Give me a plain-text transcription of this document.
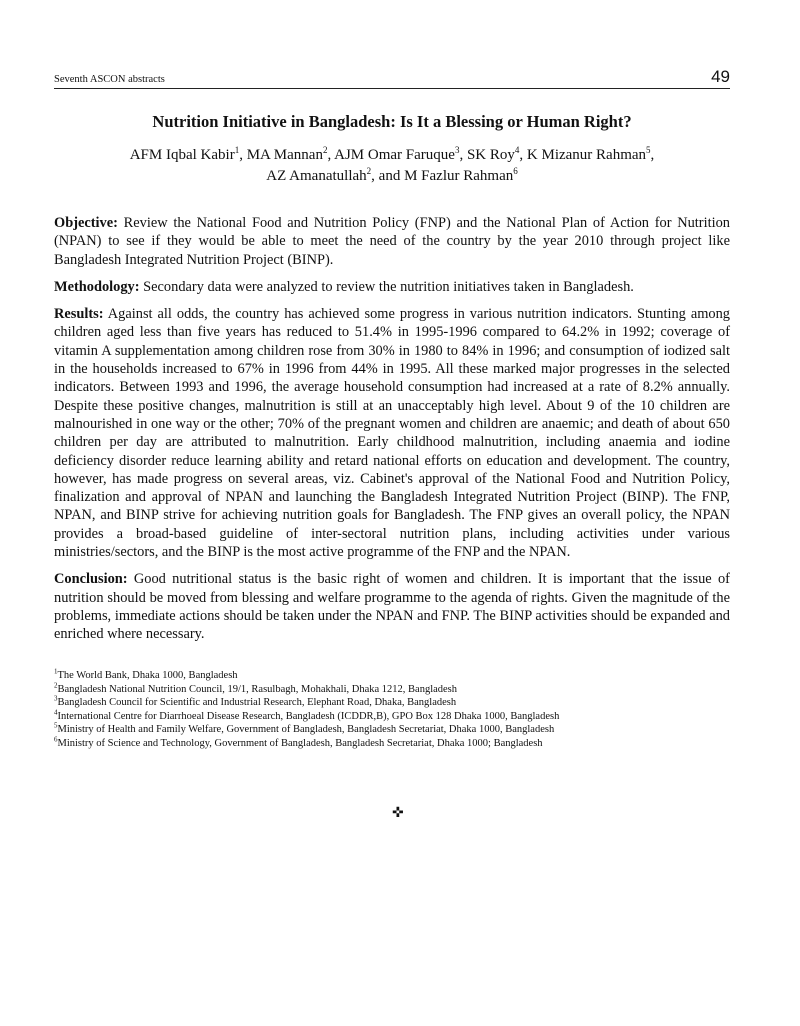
Seventh ASCON abstracts	49
Nutrition Initiative in Bangladesh: Is It a Blessing or Human Right?
AFM Iqbal Kabir$^1$, MA Mannan$^2$, AJM Omar Faruque$^3$, SK Roy$^4$, K Mizanur Rahman$^5$,
AZ Amanatullah$^2$, and M Fazlur Rahman$^6$

Objective: Review the National Food and Nutrition Policy (FNP) and the National Plan of Action for Nutrition (NPAN) to see if they would be able to meet the need of the country by the year 2010 through project like Bangladesh Integrated Nutrition Project (BINP).

Methodology: Secondary data were analyzed to review the nutrition initiatives taken in Bangladesh.

Results: Against all odds, the country has achieved some progress in various nutrition indicators. Stunting among children aged less than five years has reduced to 51.4% in 1995-1996 compared to 64.2% in 1992; coverage of vitamin A supplementation among children rose from 30% in 1980 to 84% in 1996; and consumption of iodized salt in the households increased to 67% in 1996 from 44% in 1995. All these marked major progresses in the selected indicators. Between 1993 and 1996, the average household consumption had increased at a rate of 8.2% annually. Despite these positive changes, malnutrition is still at an unacceptably high level. About 9 of the 10 children are malnourished in one way or the other; 70% of the pregnant women and children are anaemic; and death of about 650 children per day are attributed to malnutrition. Early childhood malnutrition, including anaemia and iodine deficiency disorder reduce learning ability and retard national efforts on education and development. The country, however, has made progress on several areas, viz. Cabinet's approval of the National Food and Nutrition Policy, finalization and approval of NPAN and launching the Bangladesh Integrated Nutrition Project (BINP). The FNP, NPAN, and BINP strive for achieving nutrition goals for Bangladesh. The FNP gives an overall policy, the NPAN provides a broad-based guideline of inter-sectoral nutrition plans, including activities under various ministries/sectors, and the BINP is the most active programme of the FNP and the NPAN.

Conclusion: Good nutritional status is the basic right of women and children. It is important that the issue of nutrition should be moved from blessing and welfare programme to the agenda of rights. Given the magnitude of the problems, immediate actions should be taken under the NPAN and FNP. The BINP activities should be expanded and enriched where necessary.

$^1$The World Bank, Dhaka 1000, Bangladesh
$^2$Bangladesh National Nutrition Council, 19/1, Rasulbagh, Mohakhali, Dhaka 1212, Bangladesh
$^3$Bangladesh Council for Scientific and Industrial Research, Elephant Road, Dhaka, Bangladesh
$^4$International Centre for Diarrhoeal Disease Research, Bangladesh (ICDDR,B), GPO Box 128 Dhaka 1000, Bangladesh
$^5$Ministry of Health and Family Welfare, Government of Bangladesh, Bangladesh Secretariat, Dhaka 1000, Bangladesh
$^6$Ministry of Science and Technology, Government of Bangladesh, Bangladesh Secretariat, Dhaka 1000; Bangladesh
✜
